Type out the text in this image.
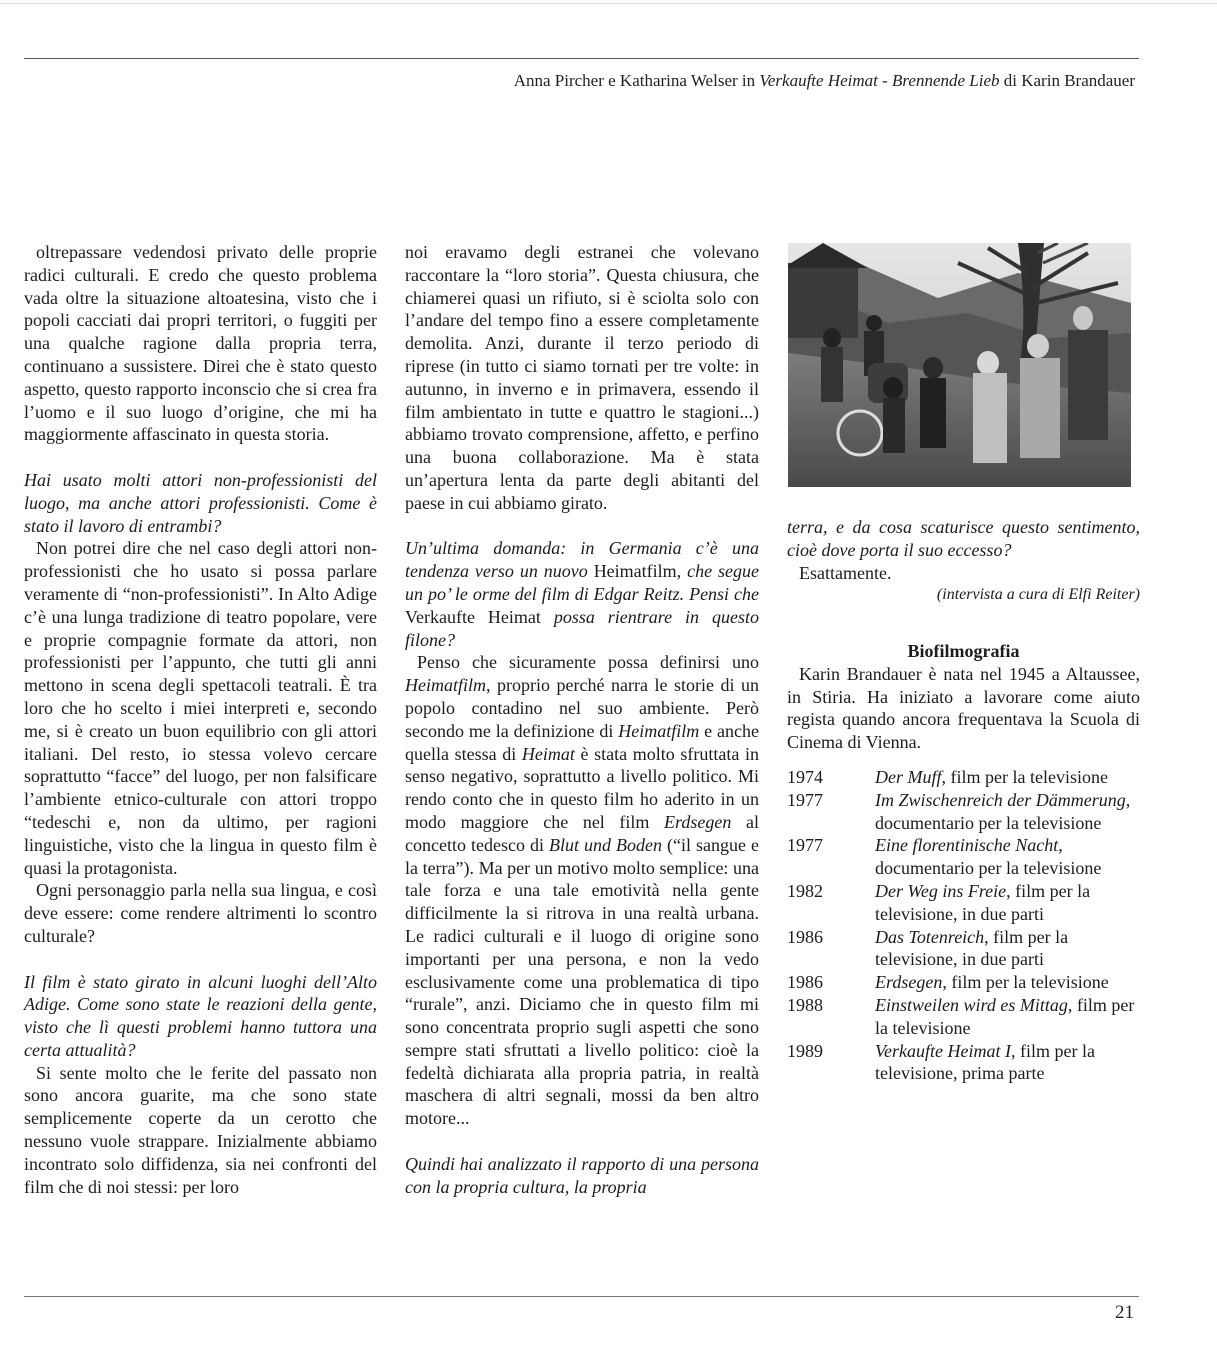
Anna Pircher e Katharina Welser in Verkaufte Heimat - Brennende Lieb di Karin Brandauer

oltrepassare vedendosi privato delle proprie radici culturali. E credo che questo problema vada oltre la situazione altoatesina, visto che i popoli cacciati dai propri territori, o fuggiti per una qualche ragione dalla propria terra, continuano a sussistere. Direi che è stato questo aspetto, questo rapporto inconscio che si crea fra l’uomo e il suo luogo d’origine, che mi ha maggiormente affascinato in questa storia.

Hai usato molti attori non-professionisti del luogo, ma anche attori professionisti. Come è stato il lavoro di entrambi?

Non potrei dire che nel caso degli attori non-professionisti che ho usato si possa parlare veramente di “non-professionisti”. In Alto Adige c’è una lunga tradizione di teatro popolare, vere e proprie compagnie formate da attori, non professionisti per l’appunto, che tutti gli anni mettono in scena degli spettacoli teatrali. È tra loro che ho scelto i miei interpreti e, secondo me, si è creato un buon equilibrio con gli attori italiani. Del resto, io stessa volevo cercare soprattutto “facce” del luogo, per non falsificare l’ambiente etnico-culturale con attori troppo “tedeschi e, non da ultimo, per ragioni linguistiche, visto che la lingua in questo film è quasi la protagonista.

Ogni personaggio parla nella sua lingua, e così deve essere: come rendere altrimenti lo scontro culturale?

Il film è stato girato in alcuni luoghi dell’Alto Adige. Come sono state le reazioni della gente, visto che lì questi problemi hanno tuttora una certa attualità?

Si sente molto che le ferite del passato non sono ancora guarite, ma che sono state semplicemente coperte da un cerotto che nessuno vuole strappare. Inizialmente abbiamo incontrato solo diffidenza, sia nei confronti del film che di noi stessi: per loro

noi eravamo degli estranei che volevano raccontare la “loro storia”. Questa chiusura, che chiamerei quasi un rifiuto, si è sciolta solo con l’andare del tempo fino a essere completamente demolita. Anzi, durante il terzo periodo di riprese (in tutto ci siamo tornati per tre volte: in autunno, in inverno e in primavera, essendo il film ambientato in tutte e quattro le stagioni...) abbiamo trovato comprensione, affetto, e perfino una buona collaborazione. Ma è stata un’apertura lenta da parte degli abitanti del paese in cui abbiamo girato.

Un’ultima domanda: in Germania c’è una tendenza verso un nuovo Heimatfilm, che segue un po’ le orme del film di Edgar Reitz. Pensi che Verkaufte Heimat possa rientrare in questo filone?

Penso che sicuramente possa definirsi uno Heimatfilm, proprio perché narra le storie di un popolo contadino nel suo ambiente. Però secondo me la definizione di Heimatfilm e anche quella stessa di Heimat è stata molto sfruttata in senso negativo, soprattutto a livello politico. Mi rendo conto che in questo film ho aderito in un modo maggiore che nel film Erdsegen al concetto tedesco di Blut und Boden (“il sangue e la terra”). Ma per un motivo molto semplice: una tale forza e una tale emotività nella gente difficilmente la si ritrova in una realtà urbana. Le radici culturali e il luogo di origine sono importanti per una persona, e non la vedo esclusivamente come una problematica di tipo “rurale”, anzi. Diciamo che in questo film mi sono concentrata proprio sugli aspetti che sono sempre stati sfruttati a livello politico: cioè la fedeltà dichiarata alla propria patria, in realtà maschera di altri segnali, mossi da ben altro motore...

Quindi hai analizzato il rapporto di una persona con la propria cultura, la propria

terra, e da cosa scaturisce questo sentimento, cioè dove porta il suo eccesso?

Esattamente.

(intervista a cura di Elfi Reiter)

Biofilmografia

Karin Brandauer è nata nel 1945 a Altaussee, in Stiria. Ha iniziato a lavorare come aiuto regista quando ancora frequentava la Scuola di Cinema di Vienna.

1974	Der Muff, film per la televisione
1977	Im Zwischenreich der Dämmerung, documentario per la televisione
1977	Eine florentinische Nacht, documentario per la televisione
1982	Der Weg ins Freie, film per la televisione, in due parti
1986	Das Totenreich, film per la televisione, in due parti
1986	Erdsegen, film per la televisione
1988	Einstweilen wird es Mittag, film per la televisione
1989	Verkaufte Heimat I, film per la televisione, prima parte
21
